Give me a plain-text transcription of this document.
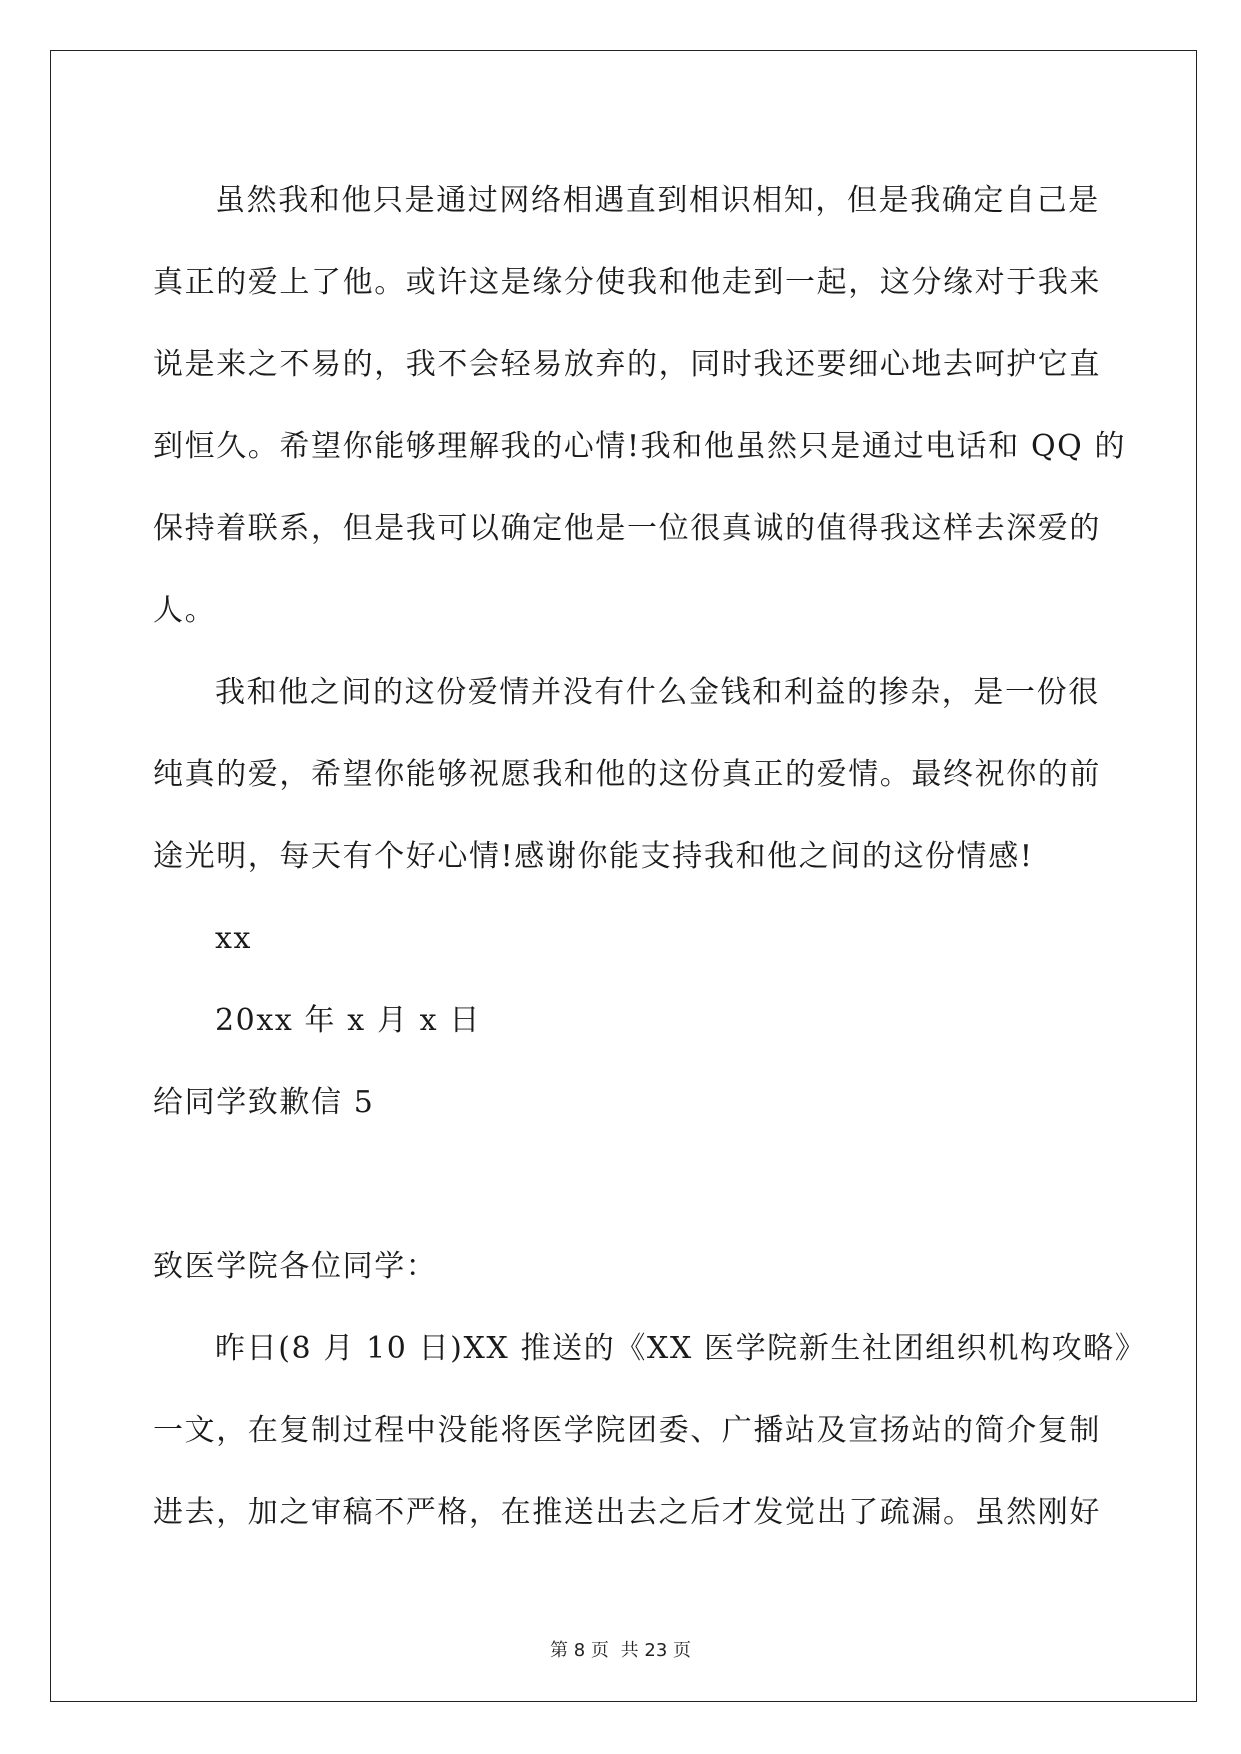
虽然我和他只是通过网络相遇直到相识相知，但是我确定自己是
真正的爱上了他。或许这是缘分使我和他走到一起，这分缘对于我来
说是来之不易的，我不会轻易放弃的，同时我还要细心地去呵护它直
到恒久。希望你能够理解我的心情!我和他虽然只是通过电话和 QQ 的
保持着联系，但是我可以确定他是一位很真诚的值得我这样去深爱的
人。
我和他之间的这份爱情并没有什么金钱和利益的掺杂，是一份很
纯真的爱，希望你能够祝愿我和他的这份真正的爱情。最终祝你的前
途光明，每天有个好心情!感谢你能支持我和他之间的这份情感!
xx
20xx 年 x 月 x 日
给同学致歉信 5
致医学院各位同学：
昨日(8 月 10 日)XX 推送的《XX 医学院新生社团组织机构攻略》
一文，在复制过程中没能将医学院团委、广播站及宣扬站的简介复制
进去，加之审稿不严格，在推送出去之后才发觉出了疏漏。虽然刚好
第 8 页 共 23 页
